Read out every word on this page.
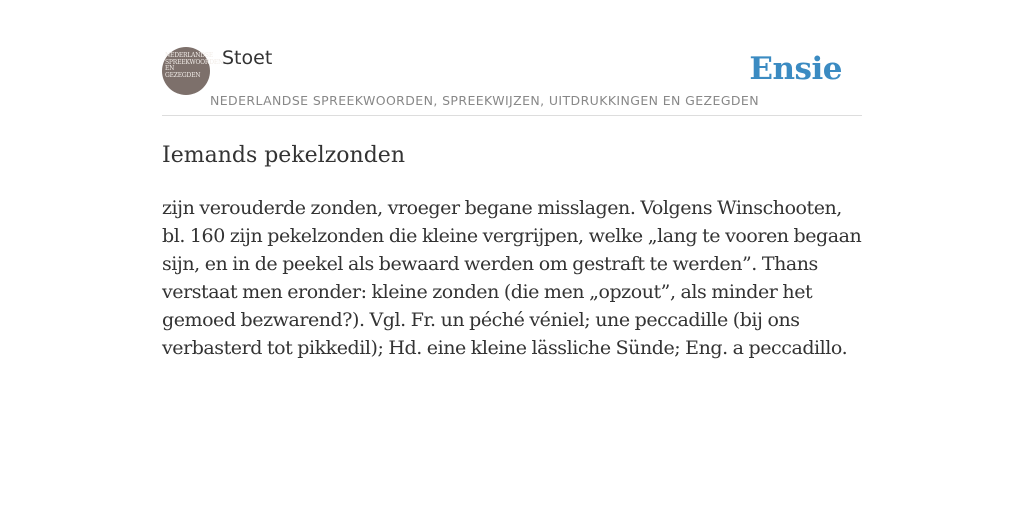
NEDERLANDSE SPREEKWOORDEN EN GEZEGDEN
Stoet
NEDERLANDSE SPREEKWOORDEN, SPREEKWIJZEN, UITDRUKKINGEN EN GEZEGDEN
Ensie
Iemands pekelzonden

zijn verouderde zonden, vroeger begane misslagen. Volgens Winschooten, bl. 160 zijn pekelzonden die kleine vergrijpen, welke „lang te vooren begaan sijn, en in de peekel als bewaard werden om gestraft te werden”. Thans verstaat men eronder: kleine zonden (die men „opzout”, als minder het gemoed bezwarend?). Vgl. Fr. un péché véniel; une peccadille (bij ons verbasterd tot pikkedil); Hd. eine kleine lässliche Sünde; Eng. a peccadillo.
